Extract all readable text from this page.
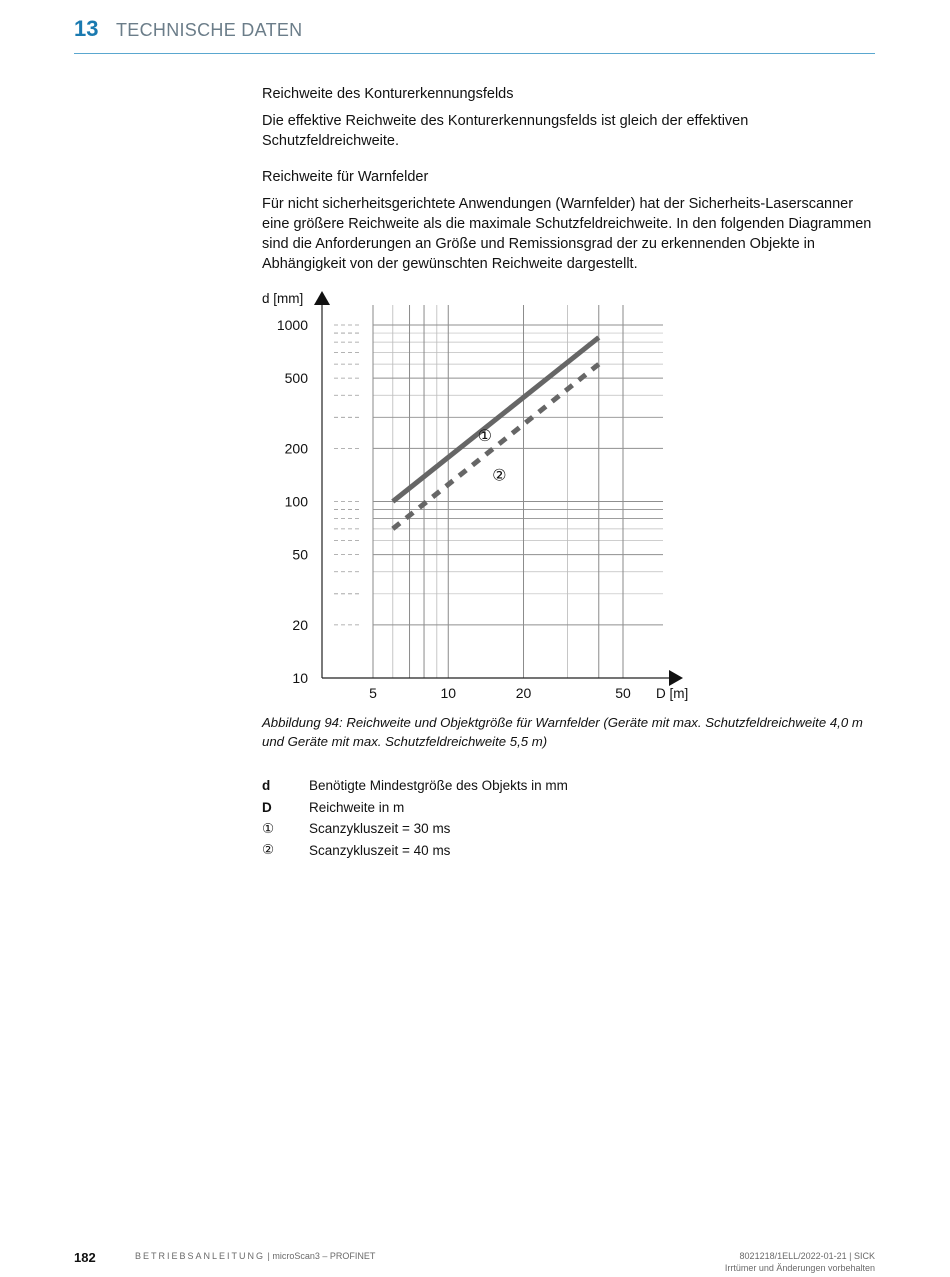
13 TECHNISCHE DATEN
Reichweite des Konturerkennungsfelds

Die effektive Reichweite des Konturerkennungsfelds ist gleich der effektiven Schutzfeldreichweite.

Reichweite für Warnfelder

Für nicht sicherheitsgerichtete Anwendungen (Warnfelder) hat der Sicherheits-Laserscanner eine größere Reichweite als die maximale Schutzfeldreichweite. In den folgenden Diagrammen sind die Anforderungen an Größe und Remissionsgrad der zu erkennenden Objekte in Abhängigkeit von der gewünschten Reichweite dargestellt.

10
20
50
100
200
500
1000
5	10	20	50
d [mm]
D [m]
①
②
Abbildung 94: Reichweite und Objektgröße für Warnfelder (Geräte mit max. Schutzfeldreichweite 4,0 m und Geräte mit max. Schutzfeldreichweite 5,5 m)
d	Benötigte Mindestgröße des Objekts in mm
D	Reichweite in m
①	Scanzykluszeit = 30 ms
②	Scanzykluszeit = 40 ms
182	BETRIEBSANLEITUNG | microScan3 – PROFINET	8021218/1ELL/2022-01-21 | SICK
Irrtümer und Änderungen vorbehalten
